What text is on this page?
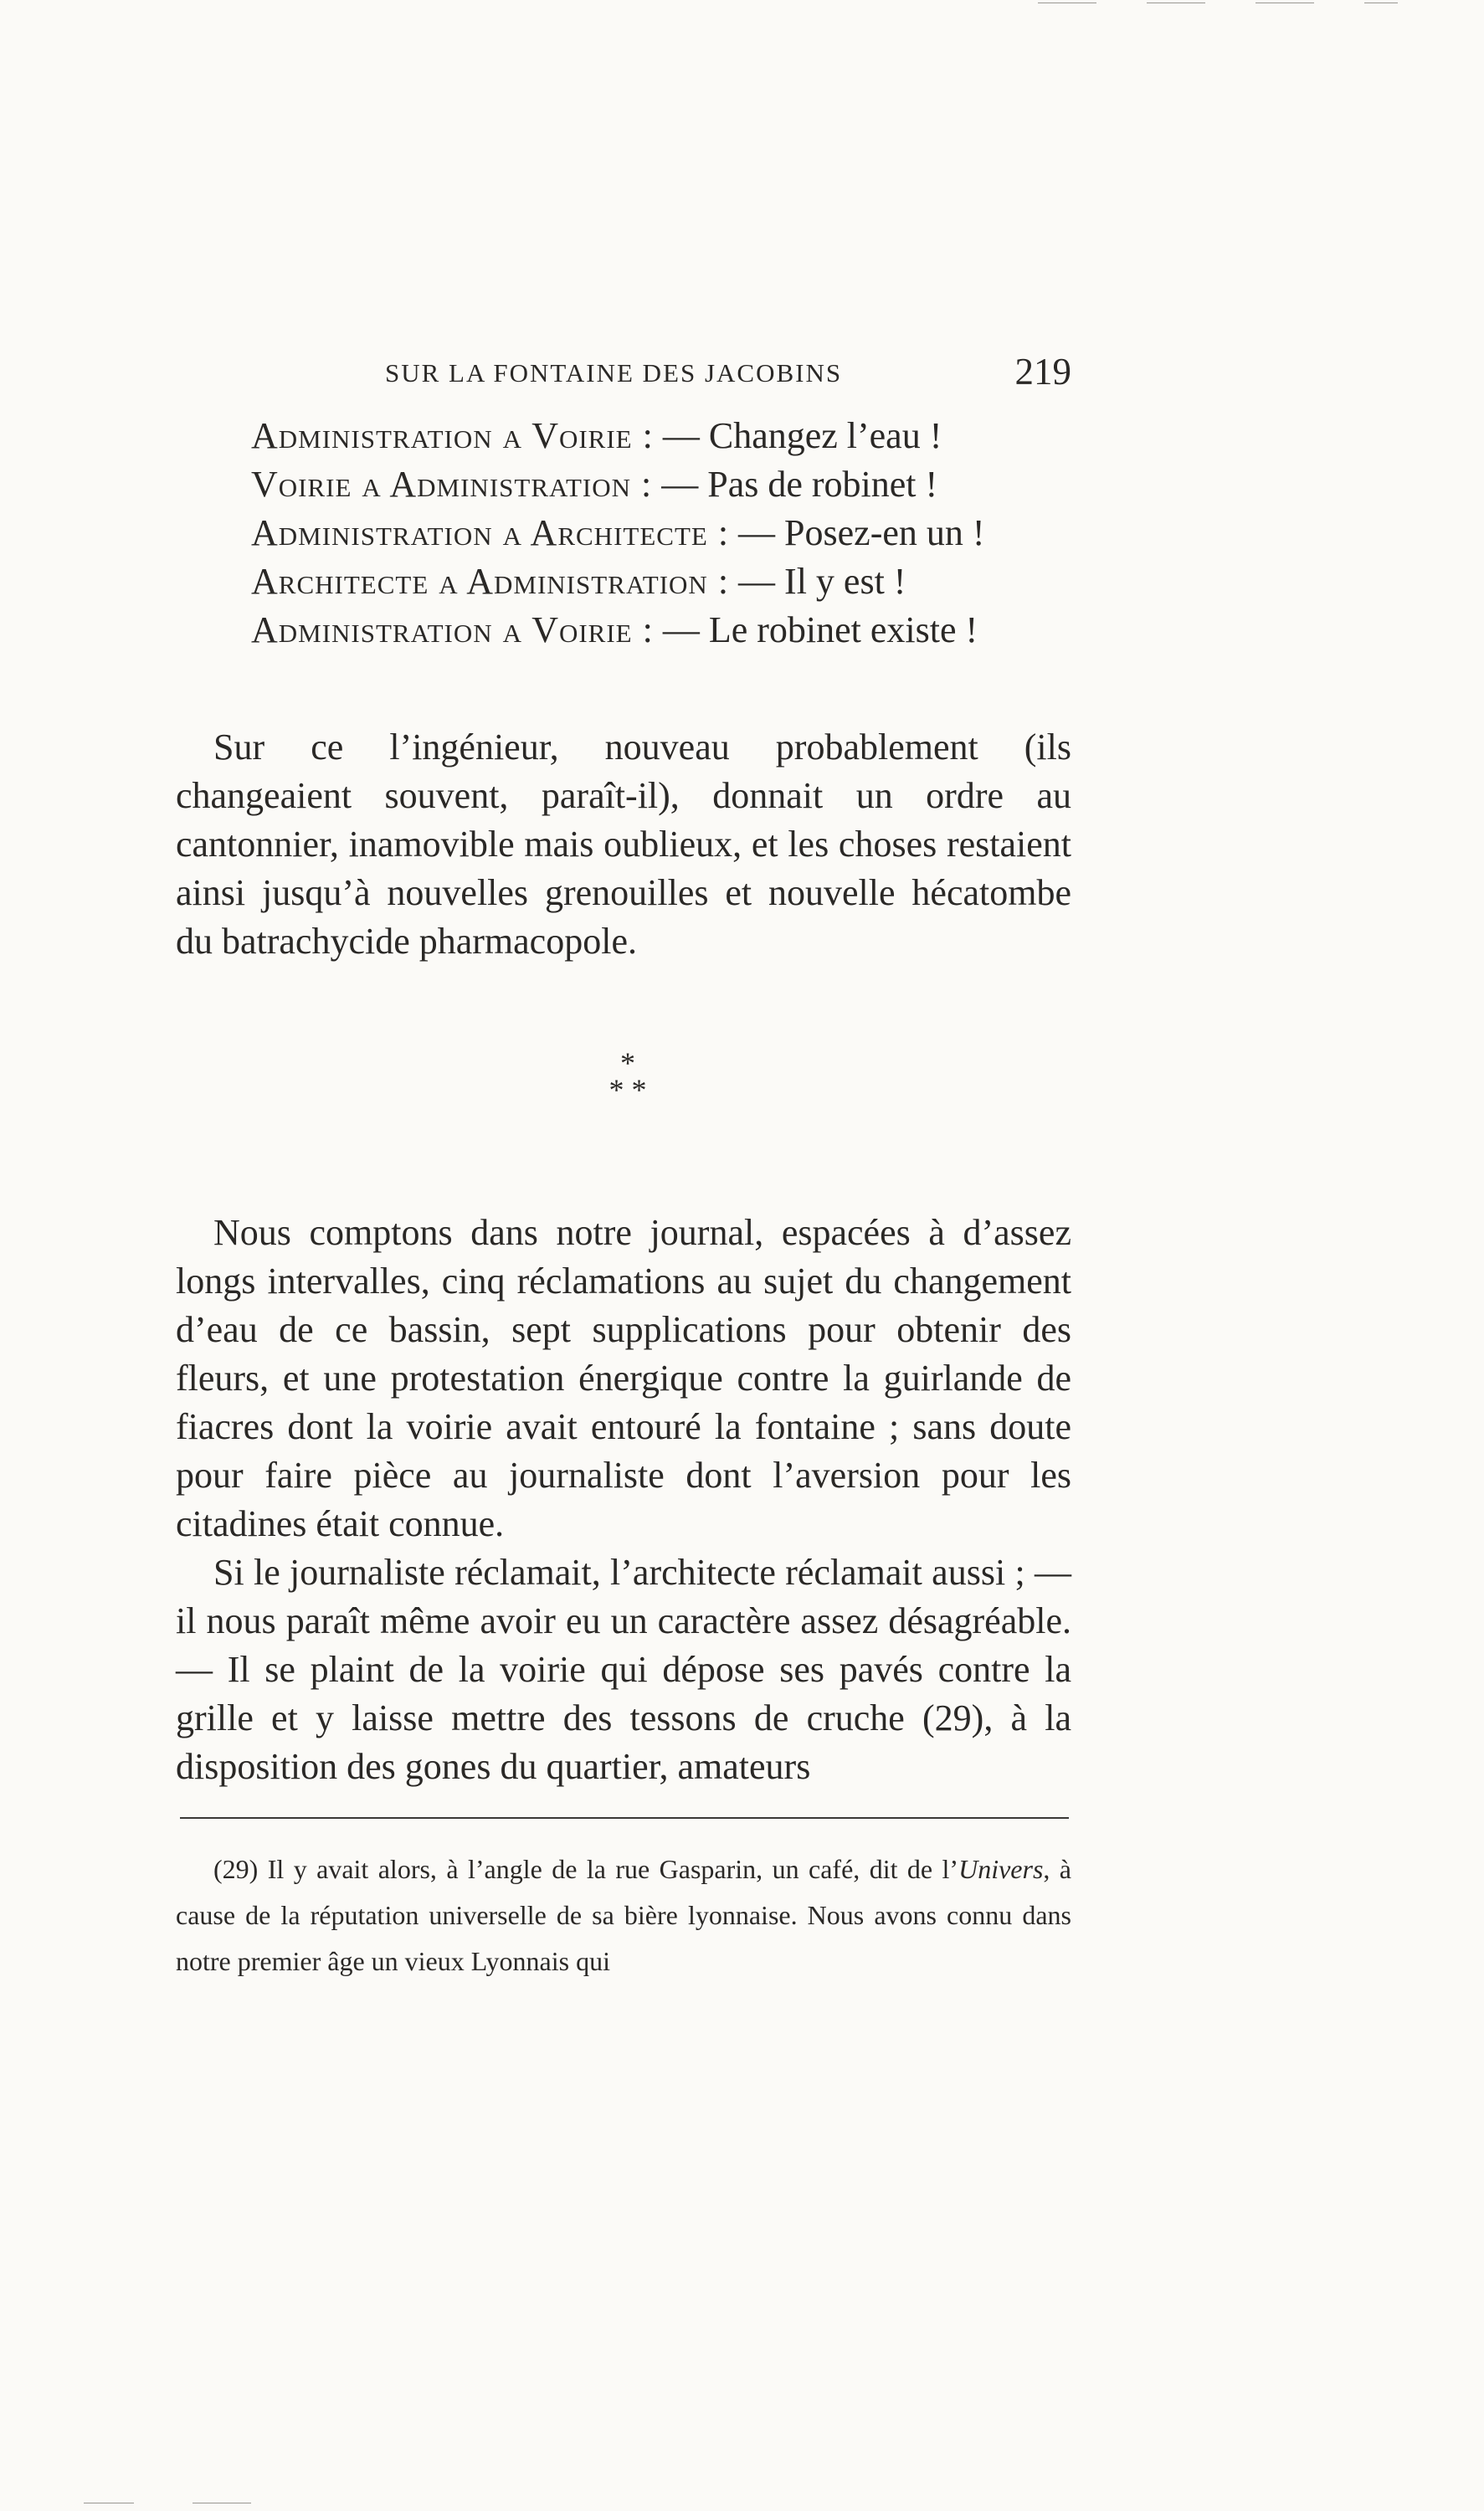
SUR LA FONTAINE DES JACOBINS	219
Administration a Voirie : — Changez l’eau !
Voirie a Administration : — Pas de robinet !
Administration a Architecte : — Posez-en un !
Architecte a Administration : — Il y est !
Administration a Voirie : — Le robinet existe !

Sur ce l’ingénieur, nouveau probablement (ils changeaient souvent, paraît-il), donnait un ordre au cantonnier, inamovible mais oublieux, et les choses restaient ainsi jusqu’à nouvelles grenouilles et nouvelle hécatombe du batrachycide pharmacopole.

*
* *

Nous comptons dans notre journal, espacées à d’assez longs intervalles, cinq réclamations au sujet du changement d’eau de ce bassin, sept supplications pour obtenir des fleurs, et une protestation énergique contre la guirlande de fiacres dont la voirie avait entouré la fontaine ; sans doute pour faire pièce au journaliste dont l’aversion pour les citadines était connue.

Si le journaliste réclamait, l’architecte réclamait aussi ; — il nous paraît même avoir eu un caractère assez désagréable. — Il se plaint de la voirie qui dépose ses pavés contre la grille et y laisse mettre des tessons de cruche (29), à la disposition des gones du quartier, amateurs

(29) Il y avait alors, à l’angle de la rue Gasparin, un café, dit de l’Univers, à cause de la réputation universelle de sa bière lyonnaise. Nous avons connu dans notre premier âge un vieux Lyonnais qui
